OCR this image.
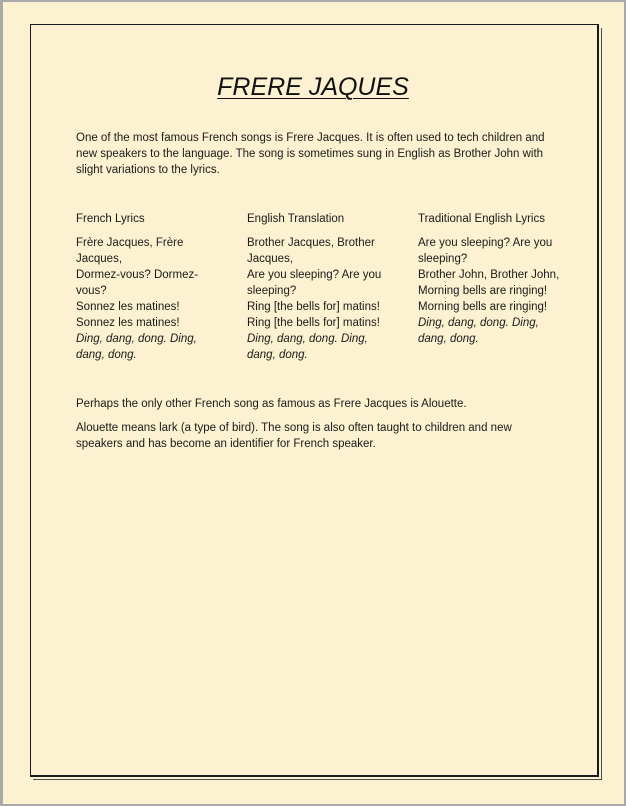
FRERE JAQUES

One of the most famous French songs is Frere Jacques. It is often used to tech children and new speakers to the language. The song is sometimes sung in English as Brother John with slight variations to the lyrics.

French Lyrics
Frère Jacques, Frère Jacques,
Dormez-vous? Dormez-vous?
Sonnez les matines!
Sonnez les matines!
Ding, dang, dong. Ding, dang, dong.
English Translation
Brother Jacques, Brother Jacques,
Are you sleeping? Are you sleeping?
Ring [the bells for] matins!
Ring [the bells for] matins!
Ding, dang, dong. Ding, dang, dong.
Traditional English Lyrics
Are you sleeping? Are you sleeping?
Brother John, Brother John,
Morning bells are ringing!
Morning bells are ringing!
Ding, dang, dong. Ding, dang, dong.

Perhaps the only other French song as famous as Frere Jacques is Alouette.

Alouette means lark (a type of bird). The song is also often taught to children and new speakers and has become an identifier for French speaker.
